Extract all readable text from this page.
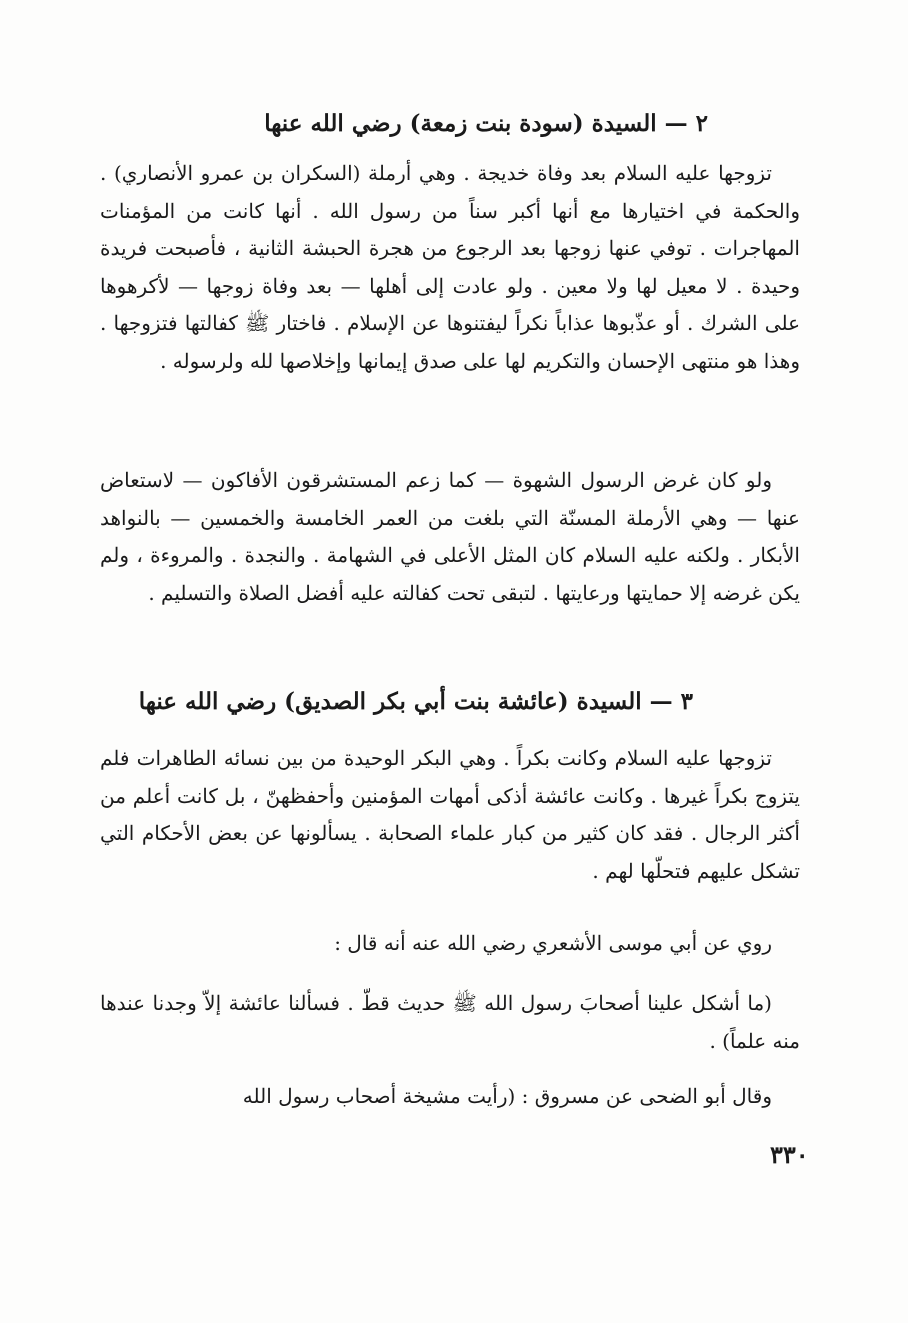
٢ — السيدة (سودة بنت زمعة) رضي الله عنها

تزوجها عليه السلام بعد وفاة خديجة . وهي أرملة (السكران بن عمرو الأنصاري) . والحكمة في اختيارها مع أنها أكبر سناً من رسول الله . أنها كانت من المؤمنات المهاجرات . توفي عنها زوجها بعد الرجوع من هجرة الحبشة الثانية ، فأصبحت فريدة وحيدة . لا معيل لها ولا معين . ولو عادت إلى أهلها — بعد وفاة زوجها — لأكرهوها على الشرك . أو عذّبوها عذاباً نكراً ليفتنوها عن الإسلام . فاختار ﷺ كفالتها فتزوجها . وهذا هو منتهى الإحسان والتكريم لها على صدق إيمانها وإخلاصها لله ولرسوله .

ولو كان غرض الرسول الشهوة — كما زعم المستشرقون الأفاكون — لاستعاض عنها — وهي الأرملة المسنّة التي بلغت من العمر الخامسة والخمسين — بالنواهد الأبكار . ولكنه عليه السلام كان المثل الأعلى في الشهامة . والنجدة . والمروءة ، ولم يكن غرضه إلا حمايتها ورعايتها . لتبقى تحت كفالته عليه أفضل الصلاة والتسليم .

٣ — السيدة (عائشة بنت أبي بكر الصديق) رضي الله عنها

تزوجها عليه السلام وكانت بكراً . وهي البكر الوحيدة من بين نسائه الطاهرات فلم يتزوج بكراً غيرها . وكانت عائشة أذكى أمهات المؤمنين وأحفظهنّ ، بل كانت أعلم من أكثر الرجال . فقد كان كثير من كبار علماء الصحابة . يسألونها عن بعض الأحكام التي تشكل عليهم فتحلّها لهم .

روي عن أبي موسى الأشعري رضي الله عنه أنه قال :

(ما أشكل علينا أصحابَ رسول الله ﷺ حديث قطّ . فسألنا عائشة إلاّ وجدنا عندها منه علماً) .

وقال أبو الضحى عن مسروق : (رأيت مشيخة أصحاب رسول الله

٣٣٠
